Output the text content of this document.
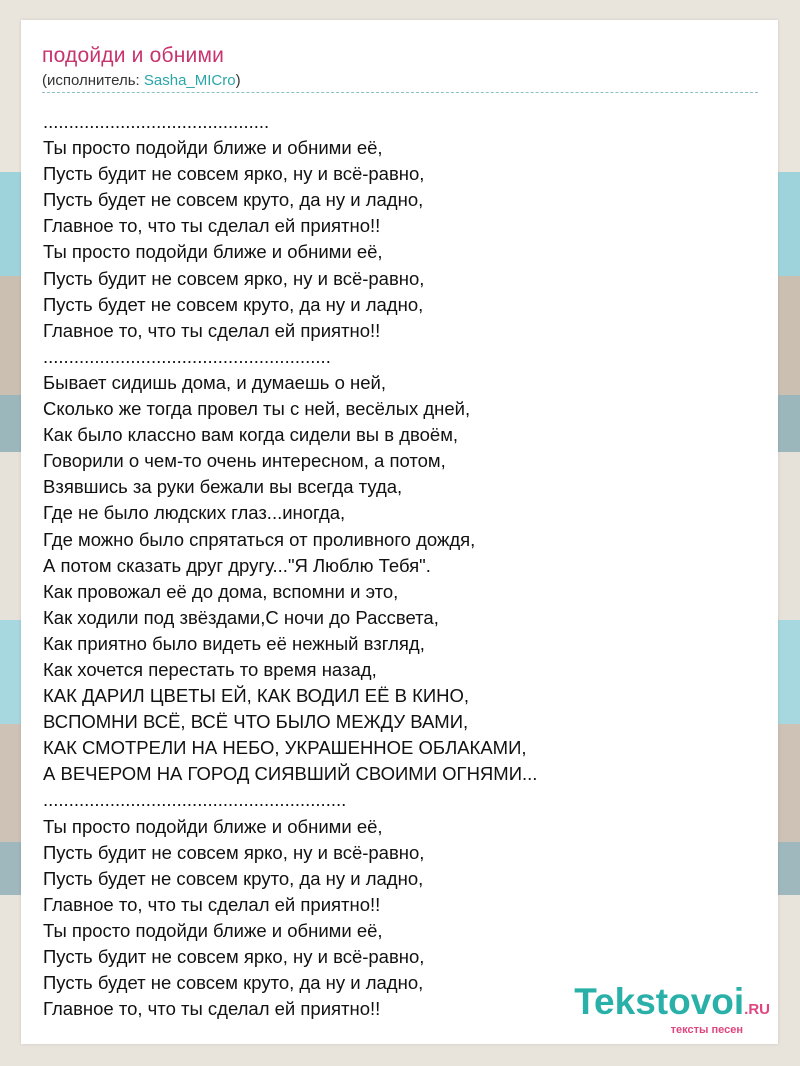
подойди и обними
(исполнитель: Sasha_MICro)
............................................
Ты просто подойди ближе и обними её,
Пусть будит не совсем ярко, ну и всё-равно,
Пусть будет не совсем круто, да ну и ладно,
Главное то, что ты сделал ей приятно!!
Ты просто подойди ближе и обними её,
Пусть будит не совсем ярко, ну и всё-равно,
Пусть будет не совсем круто, да ну и ладно,
Главное то, что ты сделал ей приятно!!
........................................................
Бывает сидишь дома, и думаешь о ней,
Сколько же тогда провел ты с ней, весёлых дней,
Как было классно вам когда сидели вы в двоём,
Говорили о чем-то очень интересном, а потом,
Взявшись за руки бежали вы всегда туда,
Где не было людских глаз...иногда,
Где можно было спрятаться от проливного дождя,
А потом сказать друг другу..."Я Люблю Тебя".
Как провожал её до дома, вспомни и это,
Как ходили под звёздами,С ночи до Рассвета,
Как приятно было видеть её нежный взгляд,
Как хочется перестать то время назад,
КАК ДАРИЛ ЦВЕТЫ ЕЙ, КАК ВОДИЛ ЕЁ В КИНО,
ВСПОМНИ ВСЁ, ВСЁ ЧТО БЫЛО МЕЖДУ ВАМИ,
КАК СМОТРЕЛИ НА НЕБО, УКРАШЕННОЕ ОБЛАКАМИ,
А ВЕЧЕРОМ НА ГОРОД СИЯВШИЙ СВОИМИ ОГНЯМИ...
...........................................................
Ты просто подойди ближе и обними её,
Пусть будит не совсем ярко, ну и всё-равно,
Пусть будет не совсем круто, да ну и ладно,
Главное то, что ты сделал ей приятно!!
Ты просто подойди ближе и обними её,
Пусть будит не совсем ярко, ну и всё-равно,
Пусть будет не совсем круто, да ну и ладно,
Главное то, что ты сделал ей приятно!!	Tekstovoi.RU
тексты песен
